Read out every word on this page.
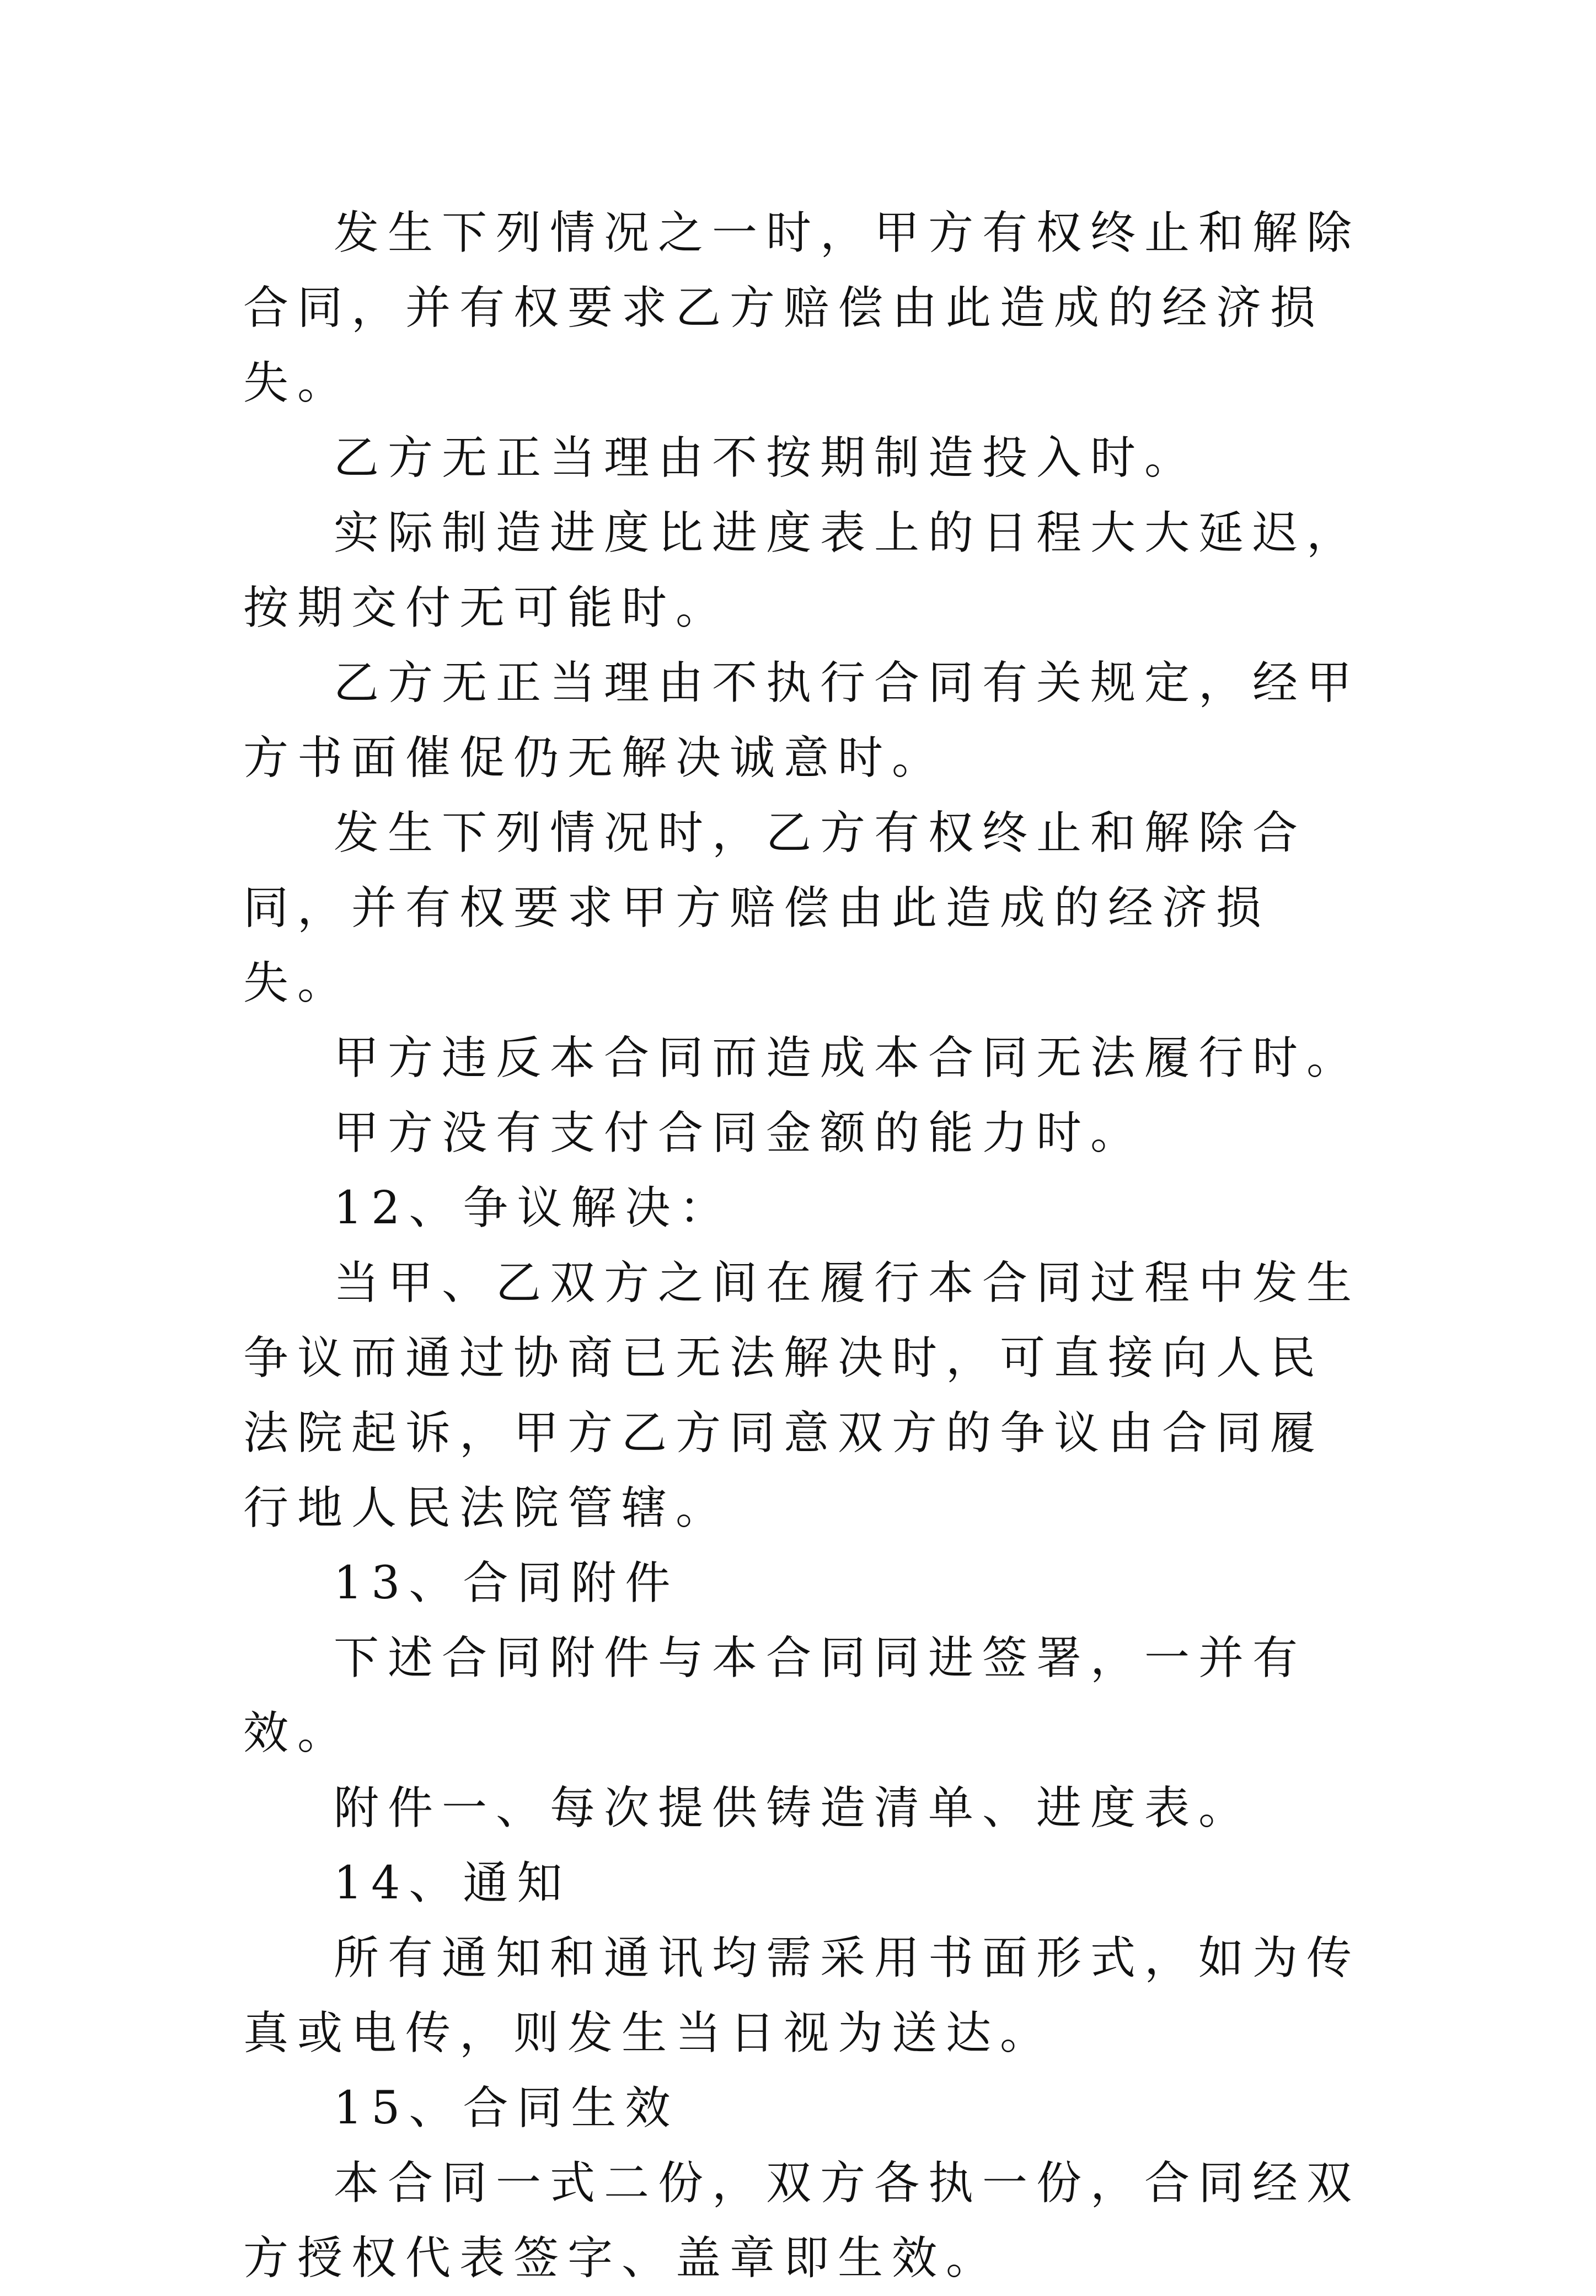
发生下列情况之一时，甲方有权终止和解除合同，并有权要求乙方赔偿由此造成的经济损失。

乙方无正当理由不按期制造投入时。

实际制造进度比进度表上的日程大大延迟，按期交付无可能时。

乙方无正当理由不执行合同有关规定，经甲方书面催促仍无解决诚意时。

发生下列情况时，乙方有权终止和解除合同，并有权要求甲方赔偿由此造成的经济损失。

甲方违反本合同而造成本合同无法履行时。

甲方没有支付合同金额的能力时。

12、争议解决：

当甲、乙双方之间在履行本合同过程中发生争议而通过协商已无法解决时，可直接向人民法院起诉，甲方乙方同意双方的争议由合同履行地人民法院管辖。

13、合同附件

下述合同附件与本合同同进签署，一并有效。

附件一、每次提供铸造清单、进度表。

14、通知

所有通知和通讯均需采用书面形式，如为传真或电传，则发生当日视为送达。

15、合同生效

本合同一式二份，双方各执一份，合同经双方授权代表签字、盖章即生效。
